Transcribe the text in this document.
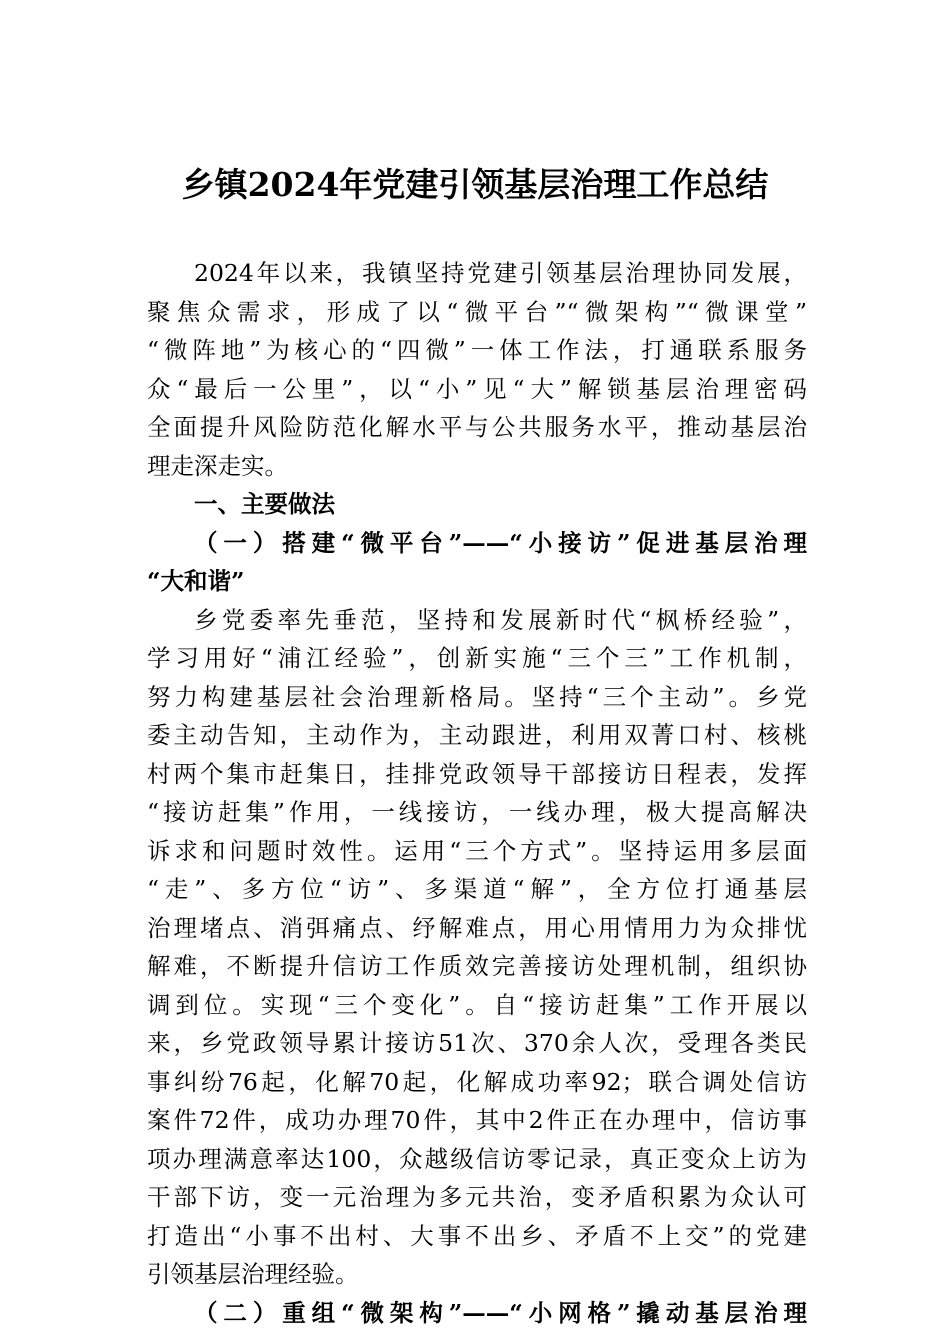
乡镇2024年党建引领基层治理工作总结
2024年以来，我镇坚持党建引领基层治理协同发展，
聚焦众需求，形成了以“微平台”“微架构”“微课堂”
“微阵地”为核心的“四微”一体工作法，打通联系服务
众“最后一公里”，以“小”见“大”解锁基层治理密码
全面提升风险防范化解水平与公共服务水平，推动基层治
理走深走实。
一、主要做法
（一）搭建“微平台”——“小接访”促进基层治理
“大和谐”
乡党委率先垂范，坚持和发展新时代“枫桥经验”，
学习用好“浦江经验”，创新实施“三个三”工作机制，
努力构建基层社会治理新格局。坚持“三个主动”。乡党
委主动告知，主动作为，主动跟进，利用双菁口村、核桃
村两个集市赶集日，挂排党政领导干部接访日程表，发挥
“接访赶集”作用，一线接访，一线办理，极大提高解决
诉求和问题时效性。运用“三个方式”。坚持运用多层面
“走”、多方位“访”、多渠道“解”，全方位打通基层
治理堵点、消弭痛点、纾解难点，用心用情用力为众排忧
解难，不断提升信访工作质效完善接访处理机制，组织协
调到位。实现“三个变化”。自“接访赶集”工作开展以
来，乡党政领导累计接访51次、370余人次，受理各类民
事纠纷76起，化解70起，化解成功率92；联合调处信访
案件72件，成功办理70件，其中2件正在办理中，信访事
项办理满意率达100，众越级信访零记录，真正变众上访为
干部下访，变一元治理为多元共治，变矛盾积累为众认可
打造出“小事不出村、大事不出乡、矛盾不上交”的党建
引领基层治理经验。
（二）重组“微架构”——“小网格”撬动基层治理
